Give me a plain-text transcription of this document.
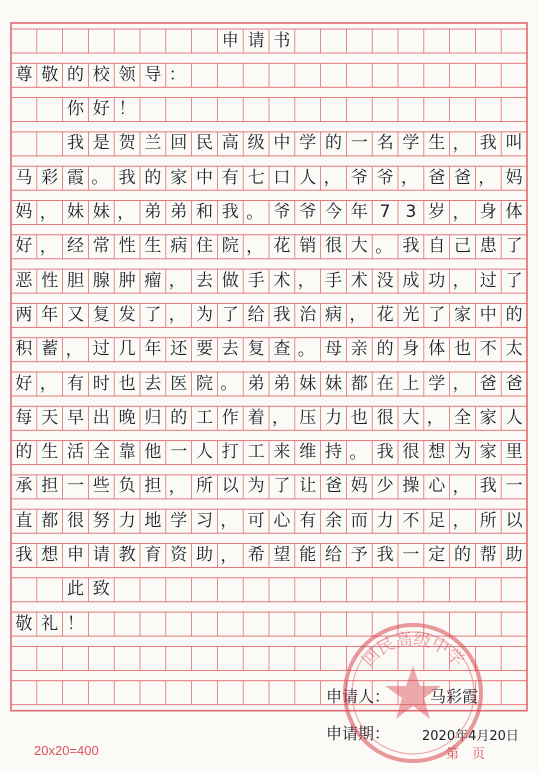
申 请 书
尊 敬 的 校 领 导 ：
你 好 ！
我 是 贺 兰 回 民 高 级 中 学 的 一 名 学 生 ， 我 叫
马 彩 霞 。 我 的 家 中 有 七 口 人 ， 爷 爷 ， 爸 爸 ， 妈
妈 ， 妹 妹 ， 弟 弟 和 我 。 爷 爷 今 年 7 3 岁 ， 身 体
好 ， 经 常 性 生 病 住 院 ， 花 销 很 大 。 我 自 己 患 了
恶 性 胆 腺 肿 瘤 ， 去 做 手 术 ， 手 术 没 成 功 ， 过 了
两 年 又 复 发 了 ， 为 了 给 我 治 病 ， 花 光 了 家 中 的
积 蓄 ， 过 几 年 还 要 去 复 查 。 母 亲 的 身 体 也 不 太
好 ， 有 时 也 去 医 院 。 弟 弟 妹 妹 都 在 上 学 ， 爸 爸
每 天 早 出 晚 归 的 工 作 着 ， 压 力 也 很 大 ， 全 家 人
的 生 活 全 靠 他 一 人 打 工 来 维 持 。 我 很 想 为 家 里
承 担 一 些 负 担 ， 所 以 为 了 让 爸 妈 少 操 心 ， 我 一
直 都 很 努 力 地 学 习 ， 可 心 有 余 而 力 不 足 ， 所 以
我 想 申 请 教 育 资 助 ， 希 望 能 给 予 我 一 定 的 帮 助
此 致
敬 礼 ！
申请人： 马彩霞
申请期： 2020年4月20日
20x20=400	第　页
回民高级中学
